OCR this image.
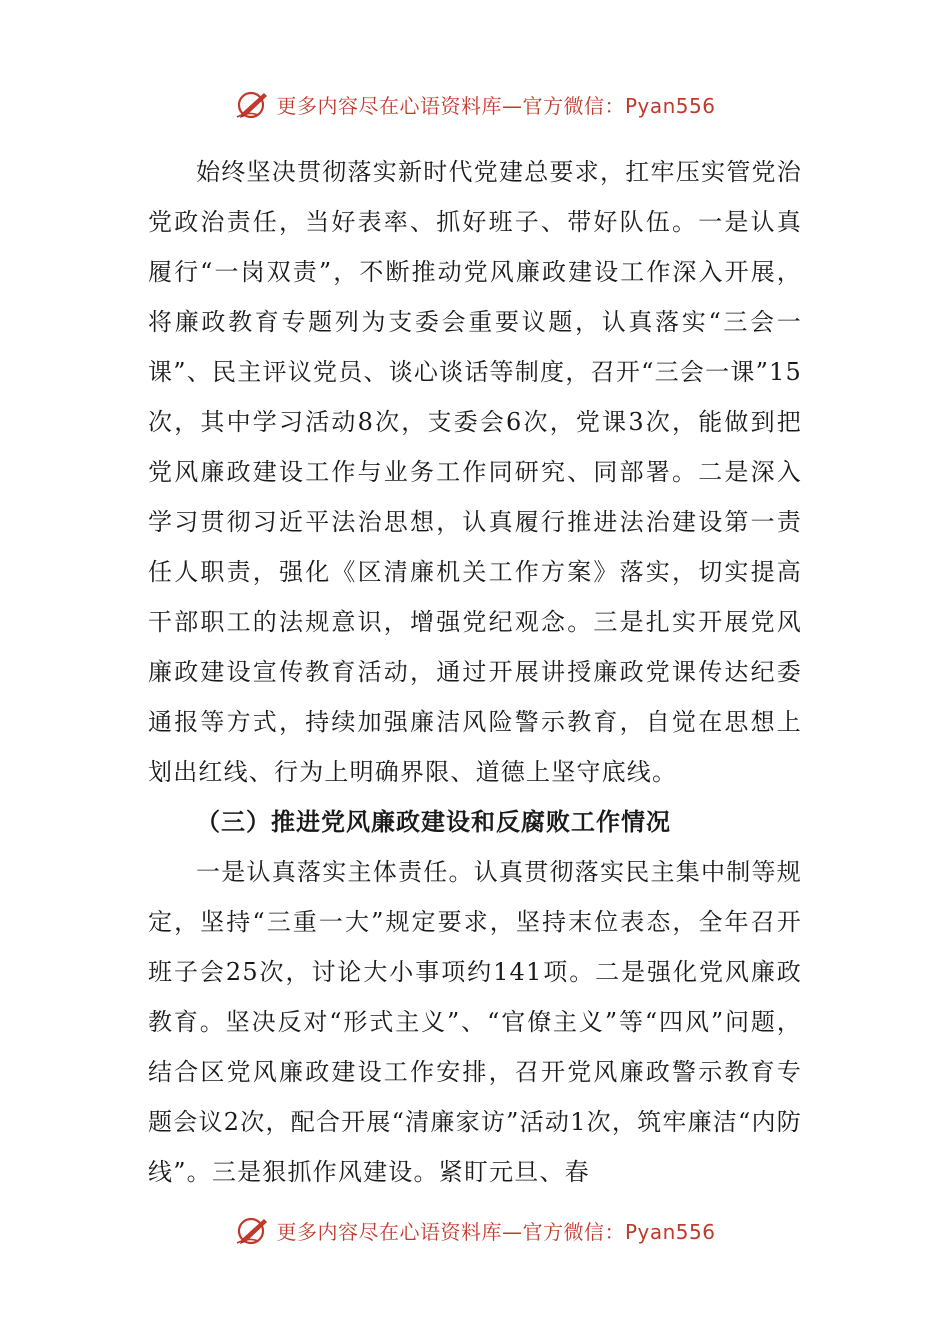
更多内容尽在心语资料库—官方微信：Pyan556

始终坚决贯彻落实新时代党建总要求，扛牢压实管党治党政治责任，当好表率、抓好班子、带好队伍。一是认真履行“一岗双责”，不断推动党风廉政建设工作深入开展，将廉政教育专题列为支委会重要议题，认真落实“三会一课”、民主评议党员、谈心谈话等制度，召开“三会一课”15次，其中学习活动8次，支委会6次，党课3次，能做到把党风廉政建设工作与业务工作同研究、同部署。二是深入学习贯彻习近平法治思想，认真履行推进法治建设第一责任人职责，强化《区清廉机关工作方案》落实，切实提高干部职工的法规意识，增强党纪观念。三是扎实开展党风廉政建设宣传教育活动，通过开展讲授廉政党课传达纪委通报等方式，持续加强廉洁风险警示教育，自觉在思想上划出红线、行为上明确界限、道德上坚守底线。

（三）推进党风廉政建设和反腐败工作情况

一是认真落实主体责任。认真贯彻落实民主集中制等规定，坚持“三重一大”规定要求，坚持末位表态，全年召开班子会25次，讨论大小事项约141项。二是强化党风廉政教育。坚决反对“形式主义”、“官僚主义”等“四风”问题，结合区党风廉政建设工作安排，召开党风廉政警示教育专题会议2次，配合开展“清廉家访”活动1次，筑牢廉洁“内防线”。三是狠抓作风建设。紧盯元旦、春

更多内容尽在心语资料库—官方微信：Pyan556
